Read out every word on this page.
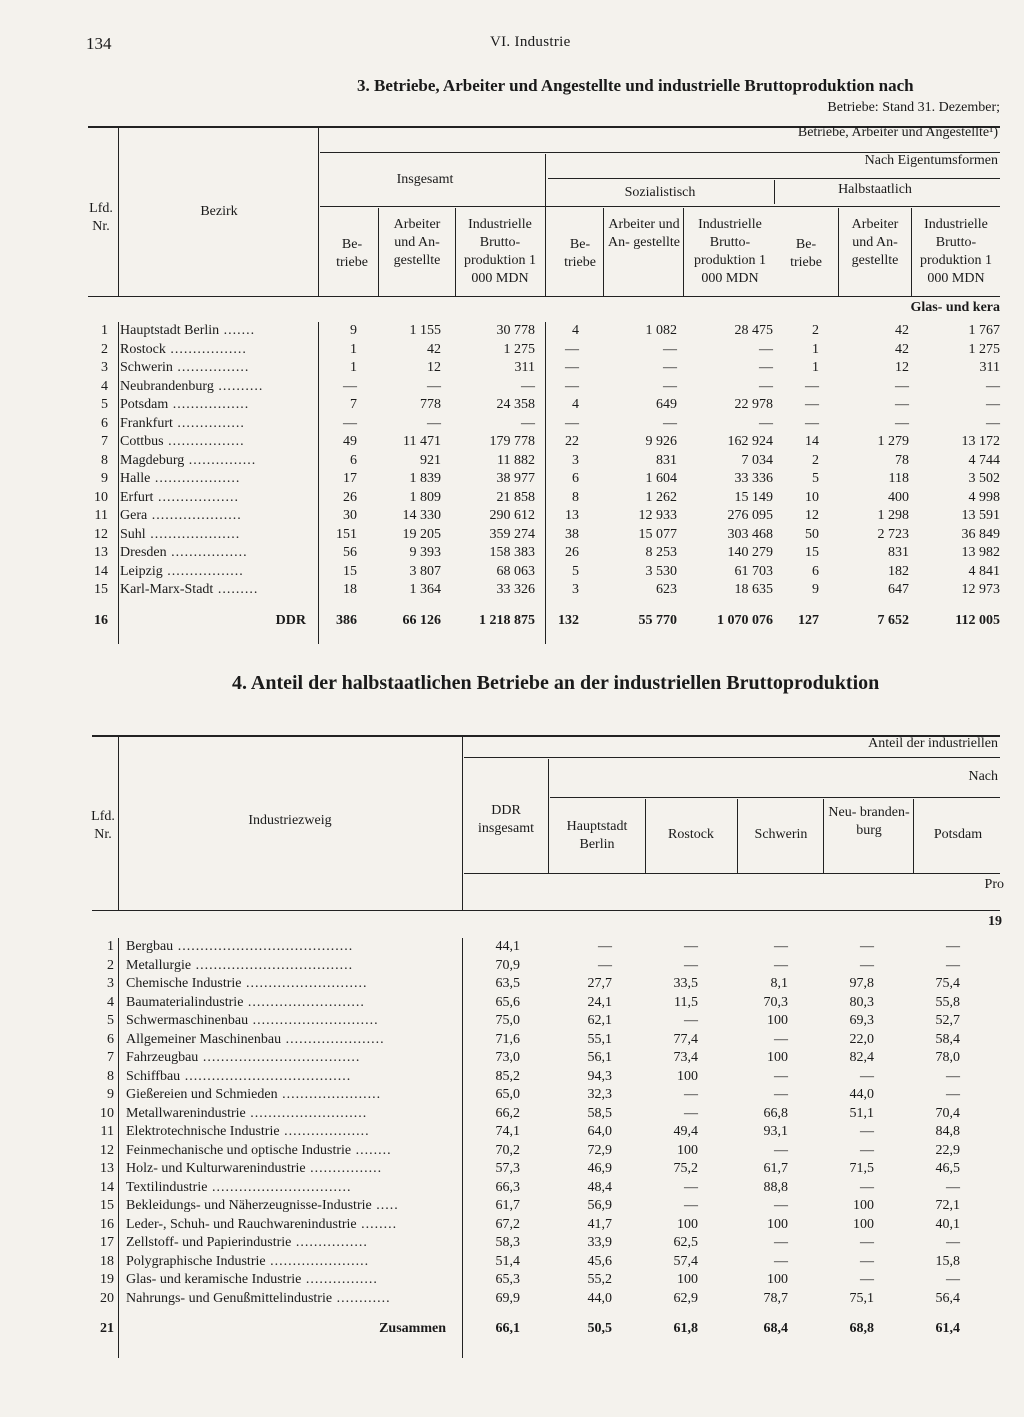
134	VI. Industrie
3. Betriebe, Arbeiter und Angestellte und industrielle Bruttoproduktion nach
Betriebe: Stand 31. Dezember;
Lfd. Nr.
Bezirk
Betriebe, Arbeiter und Angestellte¹)
Nach Eigentumsformen
Insgesamt
Sozialistisch	Halbstaatlich
Be- triebe
Arbeiter und An- gestellte
Industrielle Brutto- produktion 1 000 MDN
Be- triebe
Arbeiter und An- gestellte
Industrielle Brutto- produktion 1 000 MDN
Be- triebe
Arbeiter und An- gestellte
Industrielle Brutto- produktion 1 000 MDN
Glas- und kera
1	Hauptstadt Berlin .......	9	1 155	30 778	4	1 082	28 475	2	42	1 767	
2	Rostock .................	1	42	1 275	—	—	—	1	42	1 275	
3	Schwerin ................	1	12	311	—	—	—	1	12	311	
4	Neubrandenburg ..........	—	—	—	—	—	—	—	—	—	
5	Potsdam .................	7	778	24 358	4	649	22 978	—	—	—	
6	Frankfurt ...............	—	—	—	—	—	—	—	—	—	
7	Cottbus .................	49	11 471	179 778	22	9 926	162 924	14	1 279	13 172	
8	Magdeburg ...............	6	921	11 882	3	831	7 034	2	78	4 744	
9	Halle ...................	17	1 839	38 977	6	1 604	33 336	5	118	3 502	
10	Erfurt ..................	26	1 809	21 858	8	1 262	15 149	10	400	4 998	
11	Gera ....................	30	14 330	290 612	13	12 933	276 095	12	1 298	13 591	
12	Suhl ....................	151	19 205	359 274	38	15 077	303 468	50	2 723	36 849	
13	Dresden .................	56	9 393	158 383	26	8 253	140 279	15	831	13 982	
14	Leipzig .................	15	3 807	68 063	5	3 530	61 703	6	182	4 841	
15	Karl-Marx-Stadt .........	18	1 364	33 326	3	623	18 635	9	647	12 973	

16	DDR	386	66 126	1 218 875	132	55 770	1 070 076	127	7 652	112 005	
4. Anteil der halbstaatlichen Betriebe an der industriellen Bruttoproduktion
Lfd. Nr.
Industriezweig
Anteil der industriellen
Nach
DDR insgesamt	Hauptstadt Berlin
Rostock	Schwerin
Neu- branden- burg	Potsdam
Pro
19
1	Bergbau .......................................	44,1	—	—	—	—	—	
2	Metallurgie ...................................	70,9	—	—	—	—	—	
3	Chemische Industrie ...........................	63,5	27,7	33,5	8,1	97,8	75,4	
4	Baumaterialindustrie ..........................	65,6	24,1	11,5	70,3	80,3	55,8	
5	Schwermaschinenbau ............................	75,0	62,1	—	100	69,3	52,7	
6	Allgemeiner Maschinenbau ......................	71,6	55,1	77,4	—	22,0	58,4	
7	Fahrzeugbau ...................................	73,0	56,1	73,4	100	82,4	78,0	
8	Schiffbau .....................................	85,2	94,3	100	—	—	—	
9	Gießereien und Schmieden ......................	65,0	32,3	—	—	44,0	—	
10	Metallwarenindustrie ..........................	66,2	58,5	—	66,8	51,1	70,4	
11	Elektrotechnische Industrie ...................	74,1	64,0	49,4	93,1	—	84,8	
12	Feinmechanische und optische Industrie ........	70,2	72,9	100	—	—	22,9	
13	Holz- und Kulturwarenindustrie ................	57,3	46,9	75,2	61,7	71,5	46,5	
14	Textilindustrie ...............................	66,3	48,4	—	88,8	—	—	
15	Bekleidungs- und Näherzeugnisse-Industrie .....	61,7	56,9	—	—	100	72,1	
16	Leder-, Schuh- und Rauchwarenindustrie ........	67,2	41,7	100	100	100	40,1	
17	Zellstoff- und Papierindustrie ................	58,3	33,9	62,5	—	—	—	
18	Polygraphische Industrie ......................	51,4	45,6	57,4	—	—	15,8	
19	Glas- und keramische Industrie ................	65,3	55,2	100	100	—	—	
20	Nahrungs- und Genußmittelindustrie ............	69,9	44,0	62,9	78,7	75,1	56,4	

21	Zusammen	66,1	50,5	61,8	68,4	68,8	61,4	
